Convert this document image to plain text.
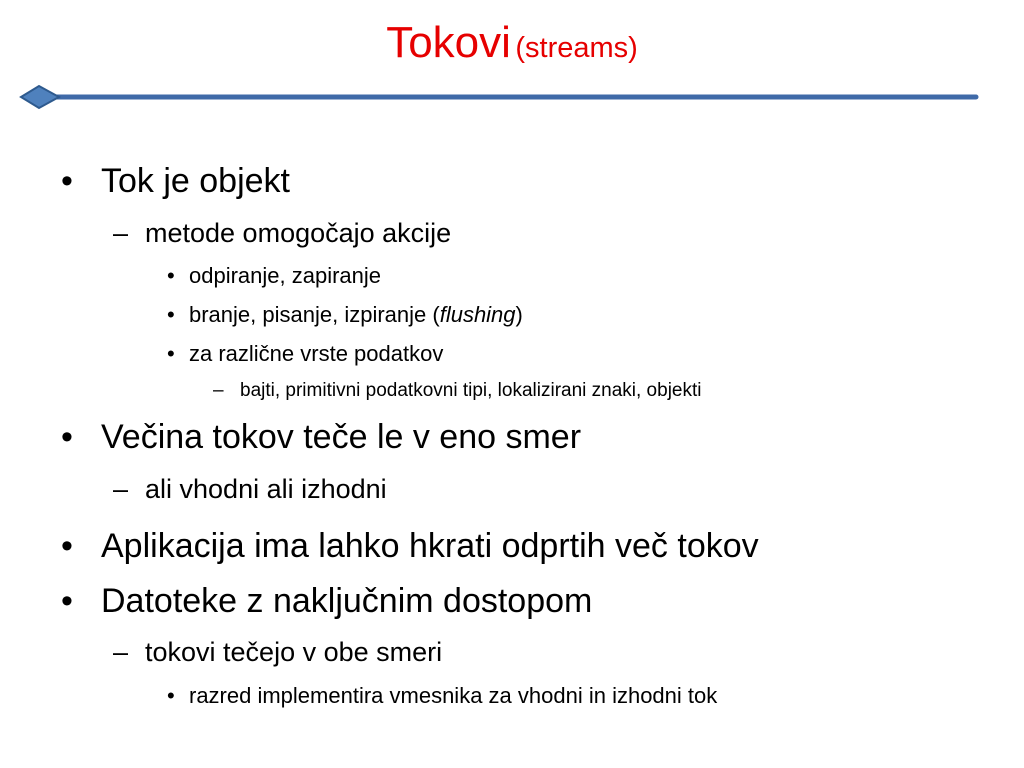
Tokovi (streams)
• Tok je objekt
– metode omogočajo akcije
• odpiranje, zapiranje
• branje, pisanje, izpiranje (flushing)
• za različne vrste podatkov
– bajti, primitivni podatkovni tipi, lokalizirani znaki, objekti
• Večina tokov teče le v eno smer
– ali vhodni ali izhodni
• Aplikacija ima lahko hkrati odprtih več tokov
• Datoteke z naključnim dostopom
– tokovi tečejo v obe smeri
• razred implementira vmesnika za vhodni in izhodni tok
